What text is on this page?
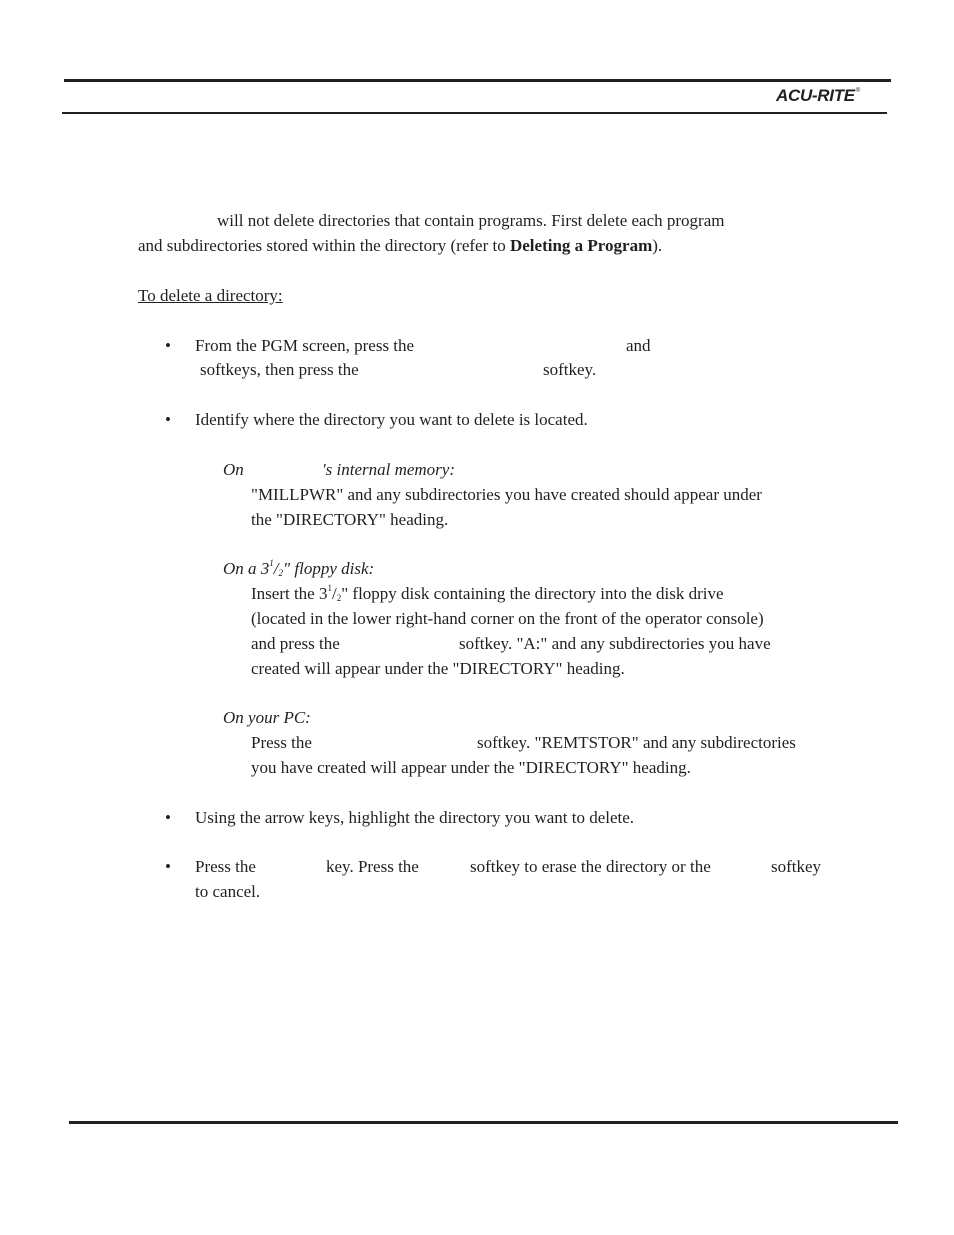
ACU-RITE®
will not delete directories that contain programs. First delete each program
and subdirectories stored within the directory (refer to Deleting a Program).
To delete a directory:
• From the PGM screen, press the	and
softkeys, then press the	softkey.
• Identify where the directory you want to delete is located.
On	's internal memory:
"MILLPWR" and any subdirectories you have created should appear under
the "DIRECTORY" heading.
On a $3^1/2$" floppy disk:
Insert the $3^1/2$" floppy disk containing the directory into the disk drive
(located in the lower right-hand corner on the front of the operator console)
and press the	softkey. "A:" and any subdirectories you have
created will appear under the "DIRECTORY" heading.
On your PC:
Press the	softkey. "REMTSTOR" and any subdirectories
you have created will appear under the "DIRECTORY" heading.
• Using the arrow keys, highlight the directory you want to delete.
• Press the	key. Press the	softkey to erase the directory or the	softkey
to cancel.
